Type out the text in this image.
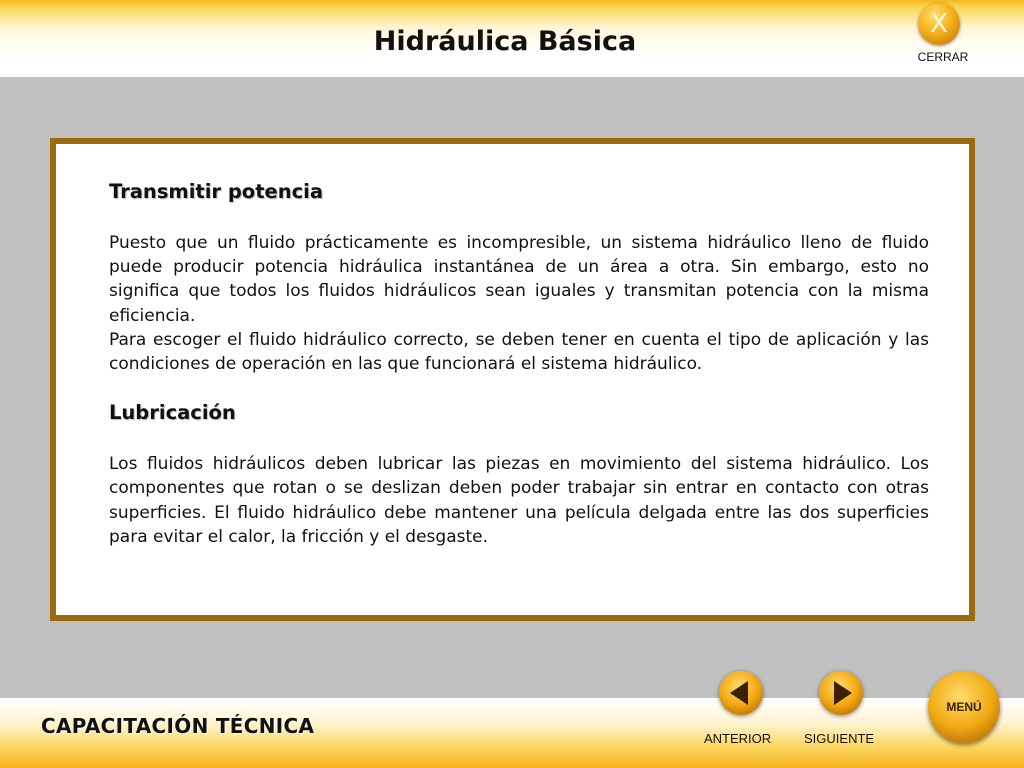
Hidráulica Básica
X
CERRAR
Transmitir potencia

Puesto que un fluido prácticamente es incompresible, un sistema hidráulico lleno de fluido puede producir potencia hidráulica instantánea de un área a otra. Sin embargo, esto no significa que todos los fluidos hidráulicos sean iguales y transmitan potencia con la misma eficiencia.

Para escoger el fluido hidráulico correcto, se deben tener en cuenta el tipo de aplicación y las condiciones de operación en las que funcionará el sistema hidráulico.

Lubricación

Los fluidos hidráulicos deben lubricar las piezas en movimiento del sistema hidráulico. Los componentes que rotan o se deslizan deben poder trabajar sin entrar en contacto con otras superficies. El fluido hidráulico debe mantener una película delgada entre las dos superficies para evitar el calor, la fricción y el desgaste.

CAPACITACIÓN TÉCNICA
ANTERIOR	SIGUIENTE
MENÚ
